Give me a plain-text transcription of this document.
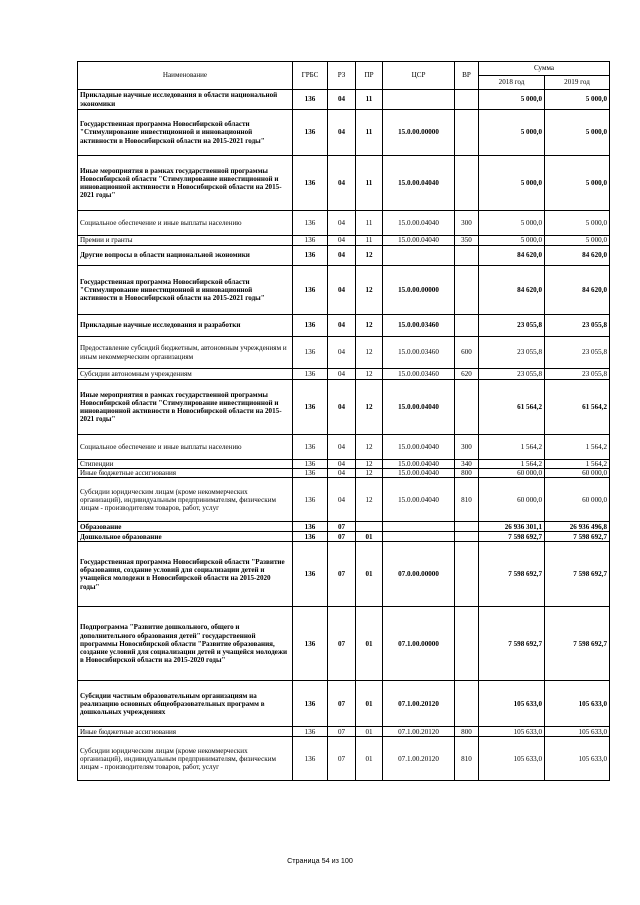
Наименование	ГРБС	РЗ	ПР	ЦСР	ВР	Сумма	
						2018 год	2019 год
Прикладные научные исследования в области национальной экономики	136	04	11			5 000,0	5 000,0
Государственная программа Новосибирской области "Стимулирование инвестиционной и инновационной активности в Новосибирской области на 2015-2021 годы"	136	04	11	15.0.00.00000		5 000,0	5 000,0
Иные мероприятия в рамках государственной программы Новосибирской области "Стимулирование инвестиционной и инновационной активности в Новосибирской области на 2015-2021 годы"	136	04	11	15.0.00.04040		5 000,0	5 000,0
Социальное обеспечение и иные выплаты населению	136	04	11	15.0.00.04040	300	5 000,0	5 000,0
Премии и гранты	136	04	11	15.0.00.04040	350	5 000,0	5 000,0
Другие вопросы в области национальной экономики	136	04	12			84 620,0	84 620,0
Государственная программа Новосибирской области "Стимулирование инвестиционной и инновационной активности в Новосибирской области на 2015-2021 годы"	136	04	12	15.0.00.00000		84 620,0	84 620,0
Прикладные научные исследования и разработки	136	04	12	15.0.00.03460		23 055,8	23 055,8
Предоставление субсидий бюджетным, автономным учреждениям и иным некоммерческим организациям	136	04	12	15.0.00.03460	600	23 055,8	23 055,8
Субсидии автономным учреждениям	136	04	12	15.0.00.03460	620	23 055,8	23 055,8
Иные мероприятия в рамках государственной программы Новосибирской области "Стимулирование инвестиционной и инновационной активности в Новосибирской области на 2015-2021 годы"	136	04	12	15.0.00.04040		61 564,2	61 564,2
Социальное обеспечение и иные выплаты населению	136	04	12	15.0.00.04040	300	1 564,2	1 564,2
Стипендии	136	04	12	15.0.00.04040	340	1 564,2	1 564,2
Иные бюджетные ассигнования	136	04	12	15.0.00.04040	800	60 000,0	60 000,0
Субсидии юридическим лицам (кроме некоммерческих организаций), индивидуальным предпринимателям, физическим лицам - производителям товаров, работ, услуг	136	04	12	15.0.00.04040	810	60 000,0	60 000,0
Образование	136	07				26 936 301,1	26 936 496,8
Дошкольное образование	136	07	01			7 598 692,7	7 598 692,7
Государственная программа Новосибирской области "Развитие образования, создание условий для социализации детей и учащейся молодежи в Новосибирской области на 2015-2020 годы"	136	07	01	07.0.00.00000		7 598 692,7	7 598 692,7
Подпрограмма "Развитие дошкольного, общего и дополнительного образования детей" государственной программы Новосибирской области "Развитие образования, создание условий для социализации детей и учащейся молодежи в Новосибирской области на 2015-2020 годы"	136	07	01	07.1.00.00000		7 598 692,7	7 598 692,7
Субсидии частным образовательным организациям на реализацию основных общеобразовательных программ в дошкольных учреждениях	136	07	01	07.1.00.20120		105 633,0	105 633,0
Иные бюджетные ассигнования	136	07	01	07.1.00.20120	800	105 633,0	105 633,0
Субсидии юридическим лицам (кроме некоммерческих организаций), индивидуальным предпринимателям, физическим лицам - производителям товаров, работ, услуг	136	07	01	07.1.00.20120	810	105 633,0	105 633,0
Страница 54 из 100
